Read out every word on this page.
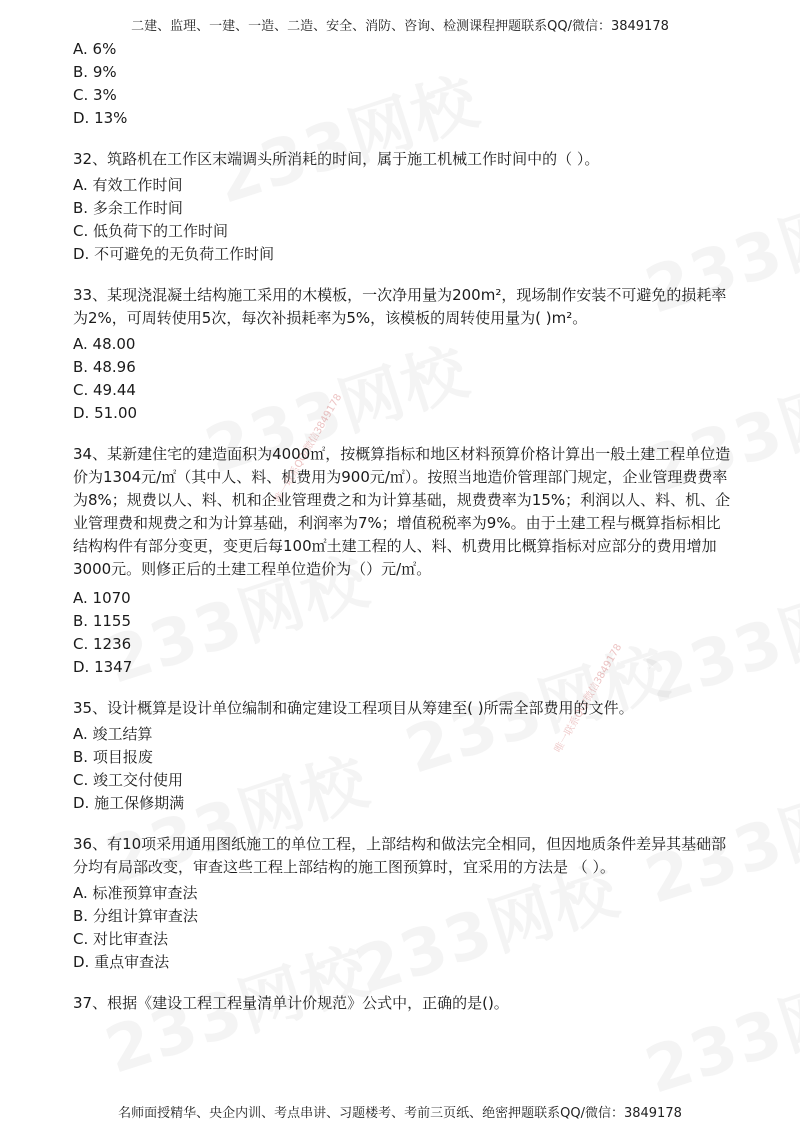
唯一联系QQ/微信3849178
唯一联系QQ/微信3849178
二建、监理、一建、一造、二造、安全、消防、咨询、检测课程押题联系QQ/微信：3849178

A. 6%

B. 9%

C. 3%

D. 13%

32、筑路机在工作区末端调头所消耗的时间，属于施工机械工作时间中的（ ）。

A. 有效工作时间

B. 多余工作时间

C. 低负荷下的工作时间

D. 不可避免的无负荷工作时间

33、某现浇混凝土结构施工采用的木模板，一次净用量为200m²，现场制作安装不可避免的损耗率为2%，可周转使用5次，每次补损耗率为5%，该模板的周转使用量为( )m²。

A. 48.00

B. 48.96

C. 49.44

D. 51.00

34、某新建住宅的建造面积为4000㎡，按概算指标和地区材料预算价格计算出一般土建工程单位造价为1304元/㎡（其中人、料、机费用为900元/㎡）。按照当地造价管理部门规定，企业管理费费率为8%；规费以人、料、机和企业管理费之和为计算基础，规费费率为15%；利润以人、料、机、企业管理费和规费之和为计算基础，利润率为7%；增值税税率为9%。由于土建工程与概算指标相比结构构件有部分变更，变更后每100㎡土建工程的人、料、机费用比概算指标对应部分的费用增加3000元。则修正后的土建工程单位造价为（）元/㎡。

A. 1070

B. 1155

C. 1236

D. 1347

35、设计概算是设计单位编制和确定建设工程项目从筹建至( )所需全部费用的文件。

A. 竣工结算

B. 项目报废

C. 竣工交付使用

D. 施工保修期满

36、有10项采用通用图纸施工的单位工程，上部结构和做法完全相同，但因地质条件差异其基础部分均有局部改变，审查这些工程上部结构的施工图预算时，宜采用的方法是 （ ）。

A. 标准预算审查法

B. 分组计算审查法

C. 对比审查法

D. 重点审查法

37、根据《建设工程工程量清单计价规范》公式中，正确的是()。

名师面授精华、央企内训、考点串讲、习题楼考、考前三页纸、绝密押题联系QQ/微信：3849178
